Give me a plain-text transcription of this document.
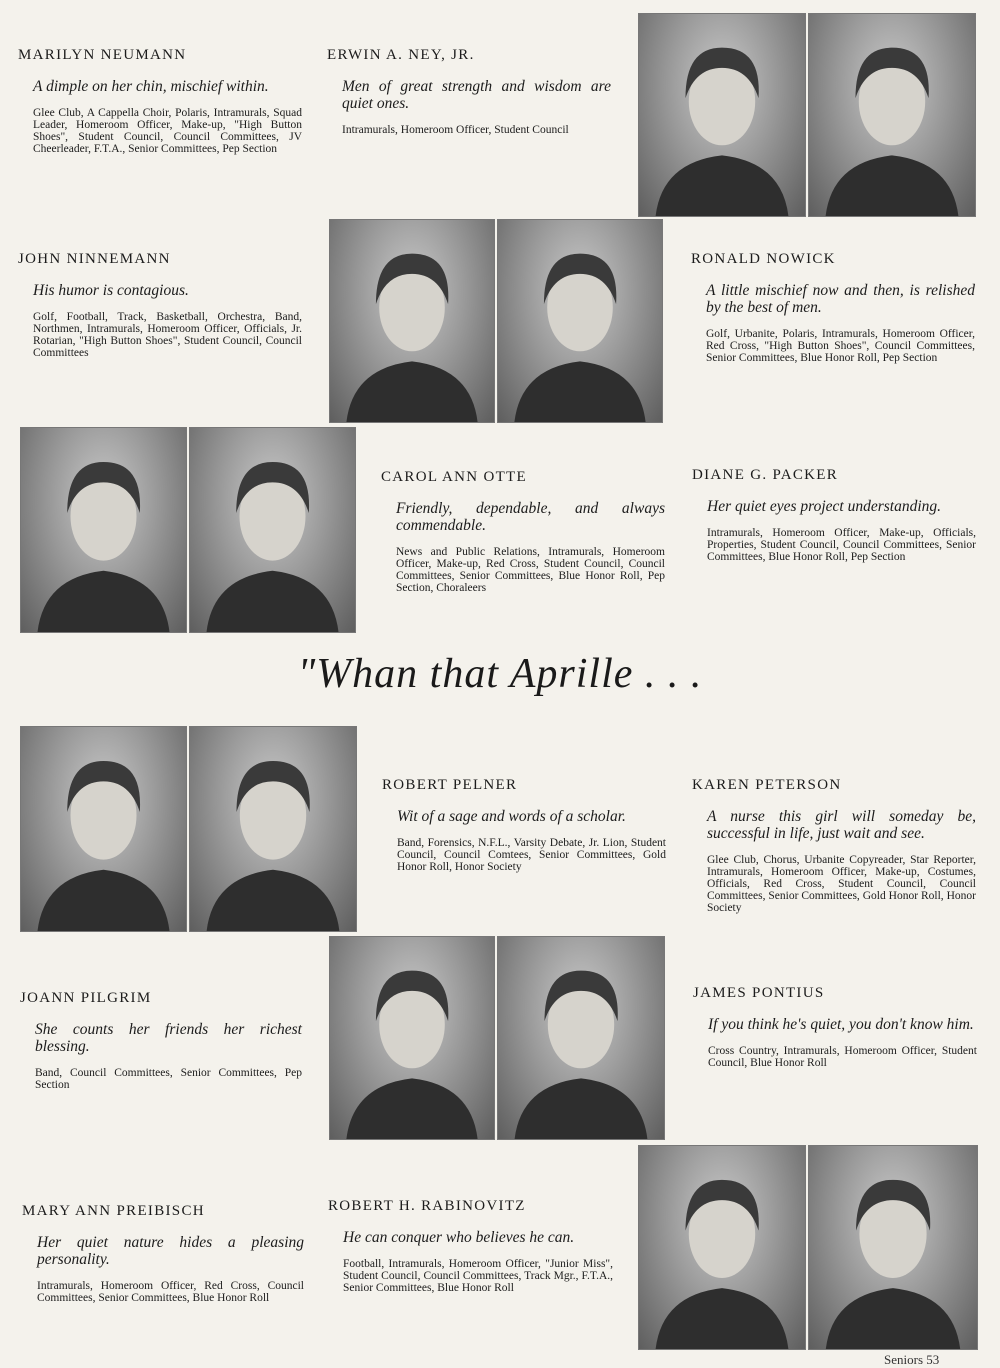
MARILYN NEUMANN

A dimple on her chin, mischief within.

Glee Club, A Cappella Choir, Polaris, Intramurals, Squad Leader, Homeroom Officer, Make-up, "High Button Shoes", Student Council, Council Committees, JV Cheerleader, F.T.A., Senior Committees, Pep Section

ERWIN A. NEY, JR.

Men of great strength and wisdom are quiet ones.

Intramurals, Homeroom Officer, Student Council

JOHN NINNEMANN

His humor is contagious.

Golf, Football, Track, Basketball, Orchestra, Band, Northmen, Intramurals, Homeroom Officer, Officials, Jr. Rotarian, "High Button Shoes", Student Council, Council Committees

RONALD NOWICK

A little mischief now and then, is relished by the best of men.

Golf, Urbanite, Polaris, Intramurals, Homeroom Officer, Red Cross, "High Button Shoes", Council Committees, Senior Committees, Blue Honor Roll, Pep Section

CAROL ANN OTTE

Friendly, dependable, and always commendable.

News and Public Relations, Intramurals, Homeroom Officer, Make-up, Red Cross, Student Council, Council Committees, Senior Committees, Blue Honor Roll, Pep Section, Choraleers

DIANE G. PACKER

Her quiet eyes project understanding.

Intramurals, Homeroom Officer, Make-up, Officials, Properties, Student Council, Council Committees, Senior Committees, Blue Honor Roll, Pep Section

"Whan that Aprille . . .
ROBERT PELNER

Wit of a sage and words of a scholar.

Band, Forensics, N.F.L., Varsity Debate, Jr. Lion, Student Council, Council Comtees, Senior Committees, Gold Honor Roll, Honor Society

KAREN PETERSON

A nurse this girl will someday be, successful in life, just wait and see.

Glee Club, Chorus, Urbanite Copyreader, Star Reporter, Intramurals, Homeroom Officer, Make-up, Costumes, Officials, Red Cross, Student Council, Council Committees, Senior Committees, Gold Honor Roll, Honor Society

JOANN PILGRIM

She counts her friends her richest blessing.

Band, Council Committees, Senior Committees, Pep Section

JAMES PONTIUS

If you think he's quiet, you don't know him.

Cross Country, Intramurals, Homeroom Officer, Student Council, Blue Honor Roll

MARY ANN PREIBISCH

Her quiet nature hides a pleasing personality.

Intramurals, Homeroom Officer, Red Cross, Council Committees, Senior Committees, Blue Honor Roll

ROBERT H. RABINOVITZ

He can conquer who believes he can.

Football, Intramurals, Homeroom Officer, "Junior Miss", Student Council, Council Committees, Track Mgr., F.T.A., Senior Committees, Blue Honor Roll

Seniors 53
